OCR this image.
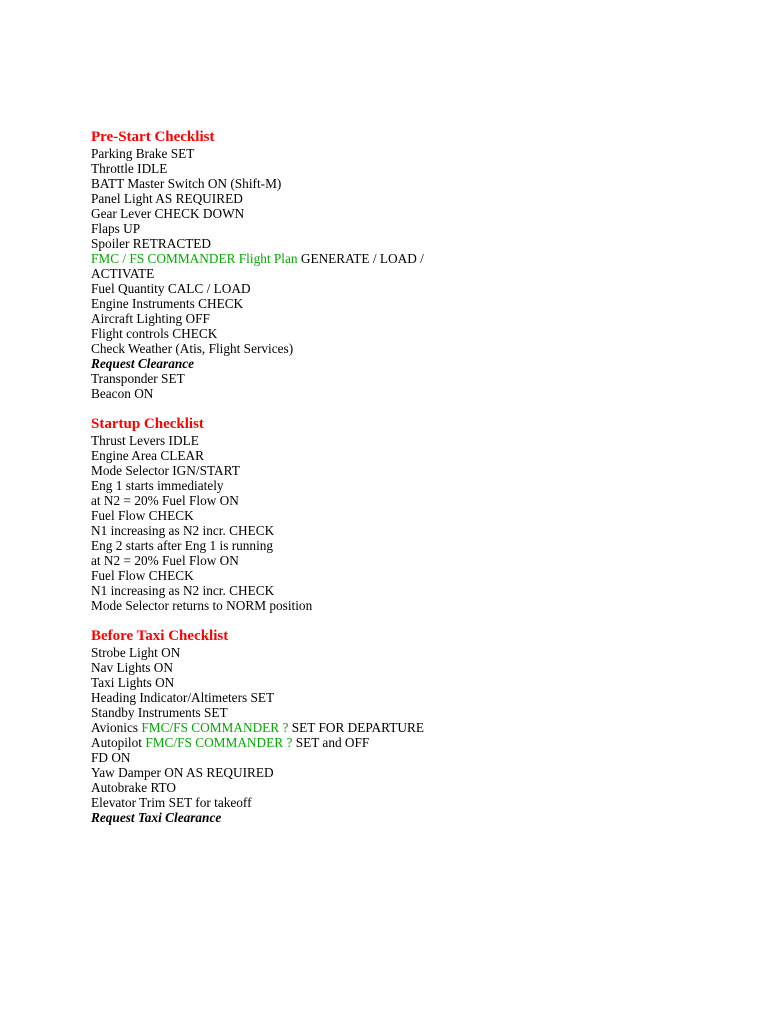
Pre-Start Checklist
Parking Brake SET
Throttle IDLE
BATT Master Switch ON (Shift-M)
Panel Light AS REQUIRED
Gear Lever CHECK DOWN
Flaps UP
Spoiler RETRACTED
FMC / FS COMMANDER Flight Plan GENERATE / LOAD / ACTIVATE
Fuel Quantity CALC / LOAD
Engine Instruments CHECK
Aircraft Lighting OFF
Flight controls CHECK
Check Weather (Atis, Flight Services)
Request Clearance
Transponder SET
Beacon ON
Startup Checklist
Thrust Levers IDLE
Engine Area CLEAR
Mode Selector IGN/START
Eng 1 starts immediately
at N2 = 20% Fuel Flow ON
Fuel Flow CHECK
N1 increasing as N2 incr. CHECK
Eng 2 starts after Eng 1 is running
at N2 = 20% Fuel Flow ON
Fuel Flow CHECK
N1 increasing as N2 incr. CHECK
Mode Selector returns to NORM position
Before Taxi Checklist
Strobe Light ON
Nav Lights ON
Taxi Lights ON
Heading Indicator/Altimeters SET
Standby Instruments SET
Avionics FMC/FS COMMANDER ? SET FOR DEPARTURE
Autopilot FMC/FS COMMANDER ? SET and OFF
FD ON
Yaw Damper ON AS REQUIRED
Autobrake RTO
Elevator Trim SET for takeoff
Request Taxi Clearance
